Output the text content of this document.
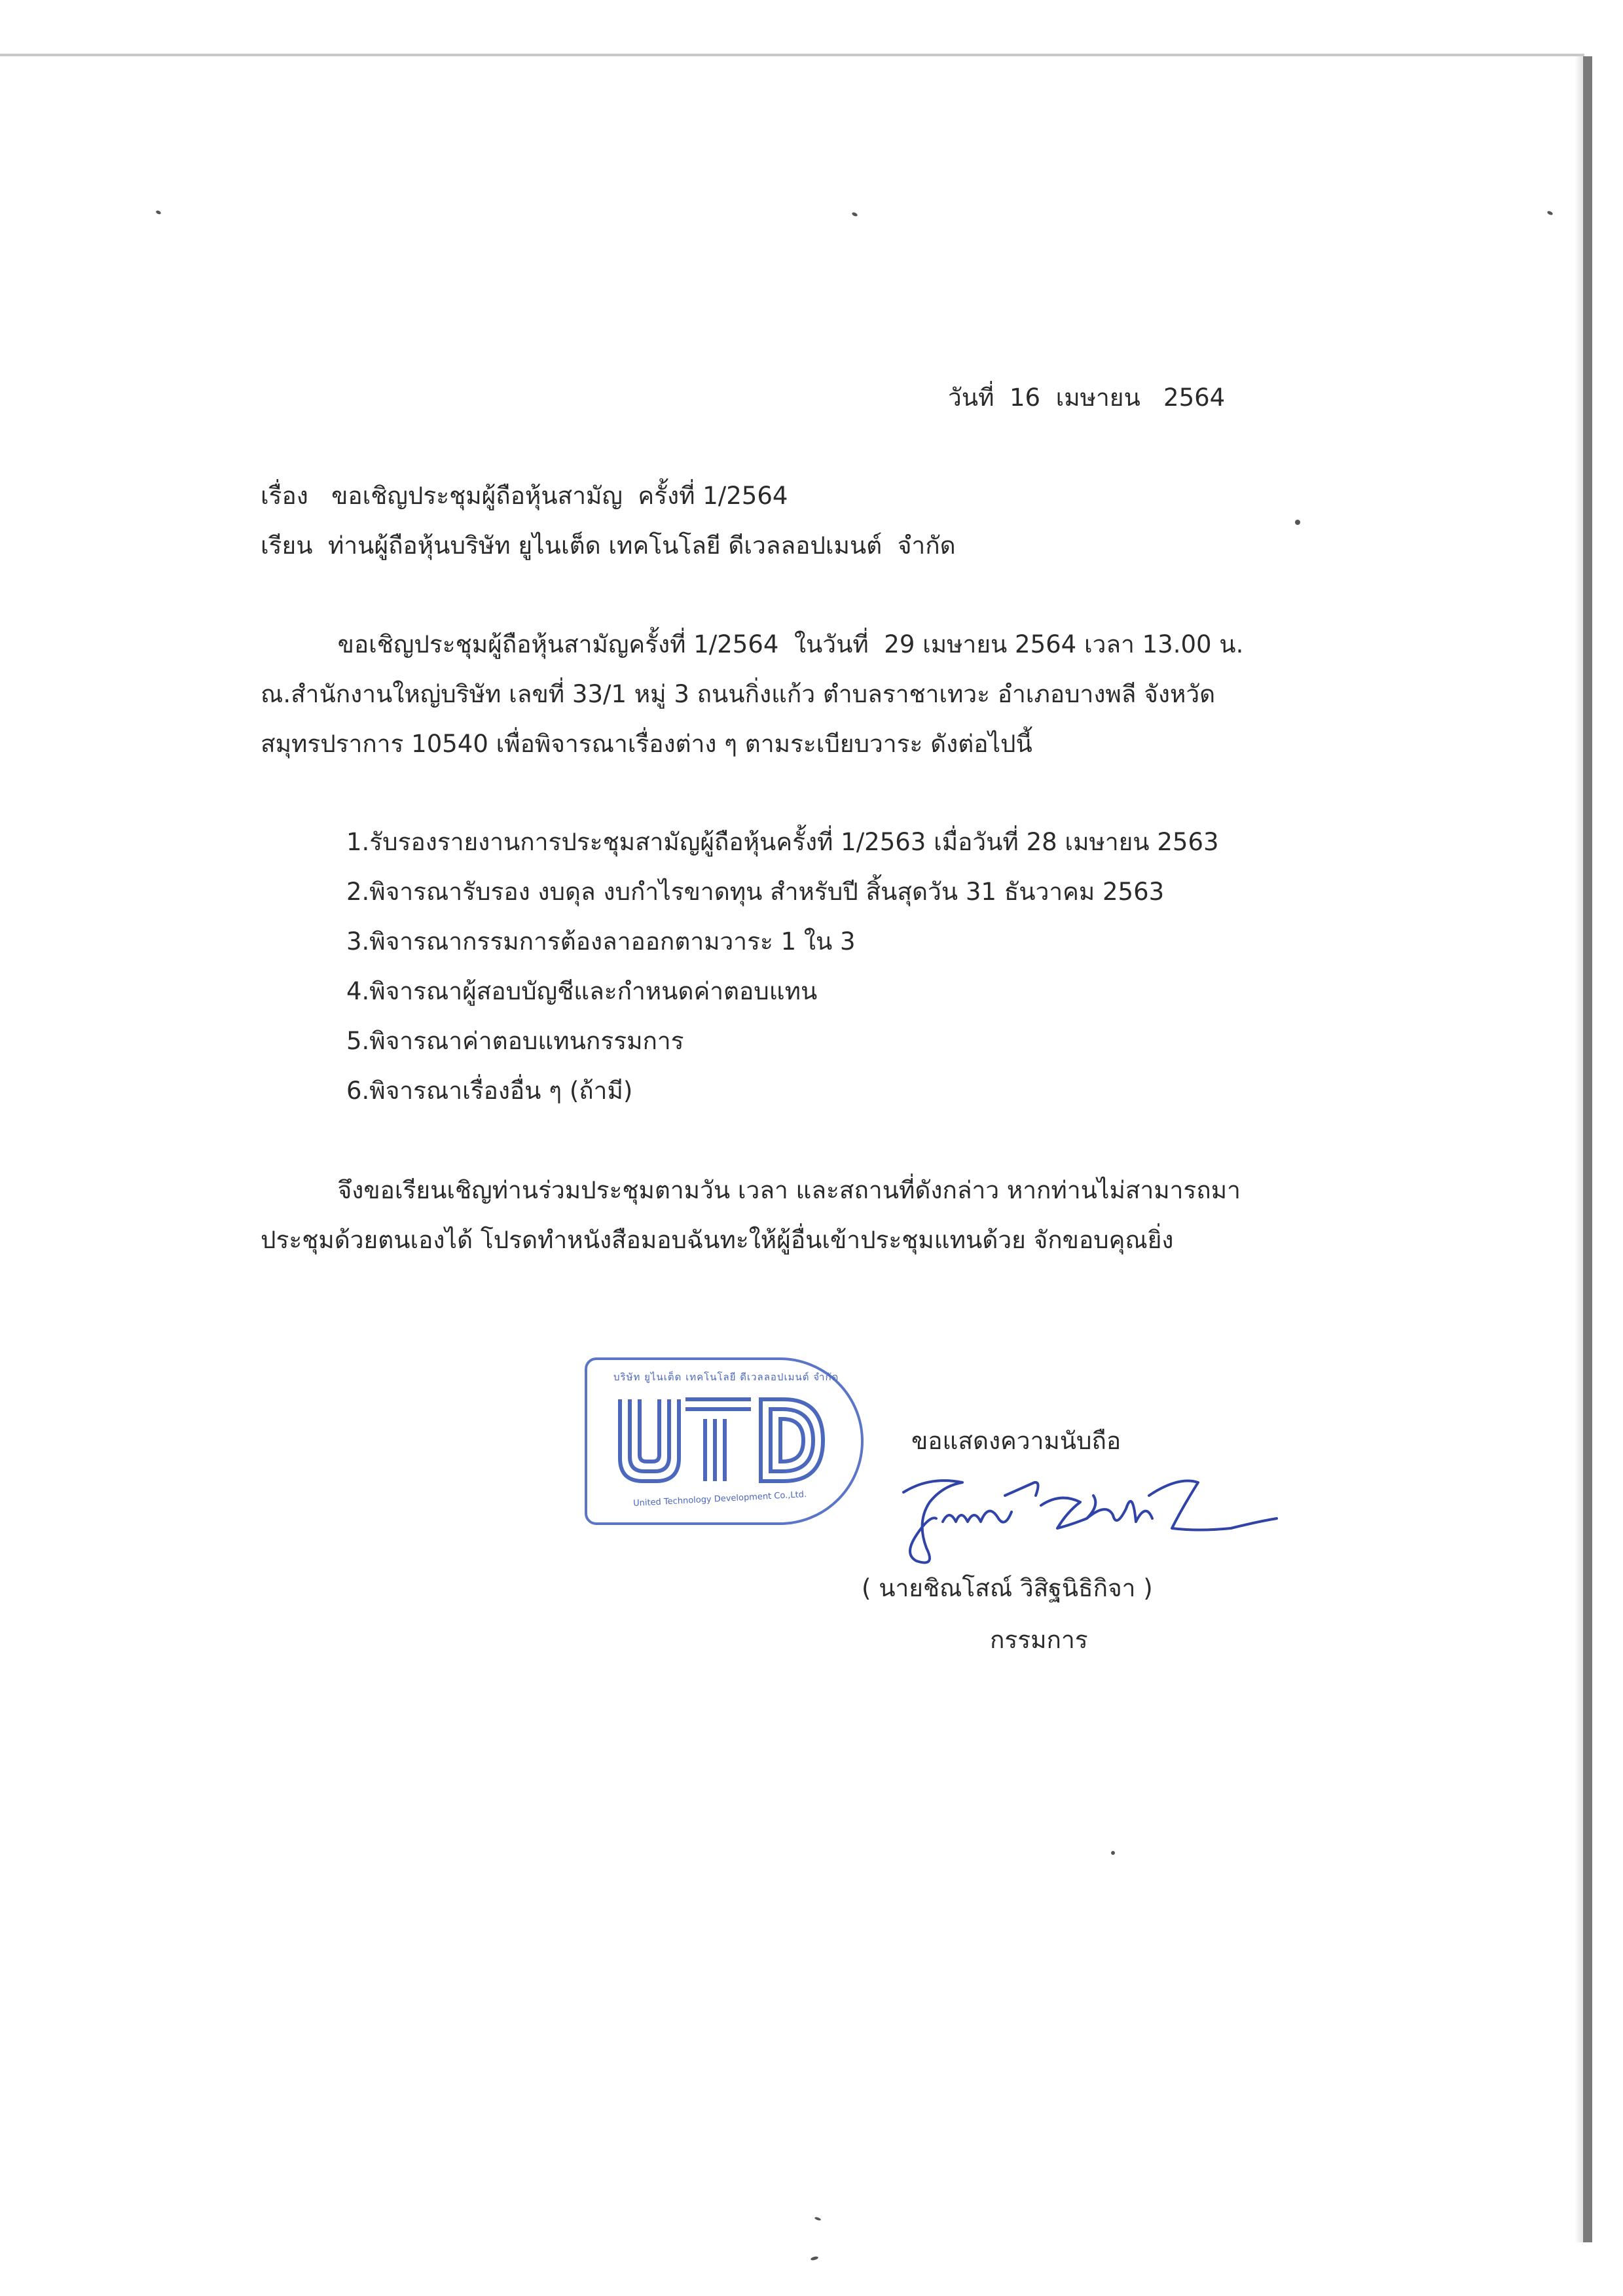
วันที่  16  เมษายน   2564
เรื่อง   ขอเชิญประชุมผู้ถือหุ้นสามัญ  ครั้งที่ 1/2564
เรียน  ท่านผู้ถือหุ้นบริษัท ยูไนเต็ด เทคโนโลยี ดีเวลลอปเมนต์  จำกัด
ขอเชิญประชุมผู้ถือหุ้นสามัญครั้งที่ 1/2564  ในวันที่  29 เมษายน 2564 เวลา 13.00 น.
ณ.สำนักงานใหญ่บริษัท เลขที่ 33/1 หมู่ 3 ถนนกิ่งแก้ว ตำบลราชาเทวะ อำเภอบางพลี จังหวัด
สมุทรปราการ 10540 เพื่อพิจารณาเรื่องต่าง ๆ ตามระเบียบวาระ ดังต่อไปนี้
1.รับรองรายงานการประชุมสามัญผู้ถือหุ้นครั้งที่ 1/2563 เมื่อวันที่ 28 เมษายน 2563
2.พิจารณารับรอง งบดุล งบกำไรขาดทุน สำหรับปี สิ้นสุดวัน 31 ธันวาคม 2563
3.พิจารณากรรมการต้องลาออกตามวาระ 1 ใน 3
4.พิจารณาผู้สอบบัญชีและกำหนดค่าตอบแทน
5.พิจารณาค่าตอบแทนกรรมการ
6.พิจารณาเรื่องอื่น ๆ (ถ้ามี)
จึงขอเรียนเชิญท่านร่วมประชุมตามวัน เวลา และสถานที่ดังกล่าว หากท่านไม่สามารถมา
ประชุมด้วยตนเองได้ โปรดทำหนังสือมอบฉันทะให้ผู้อื่นเข้าประชุมแทนด้วย จักขอบคุณยิ่ง
บริษัท ยูไนเต็ด เทคโนโลยี ดีเวลลอปเมนต์ จำกัด
United Technology Development Co.,Ltd.
ขอแสดงความนับถือ
( นายชิณโสณ์ วิสิฐนิธิกิจา )
กรรมการ
